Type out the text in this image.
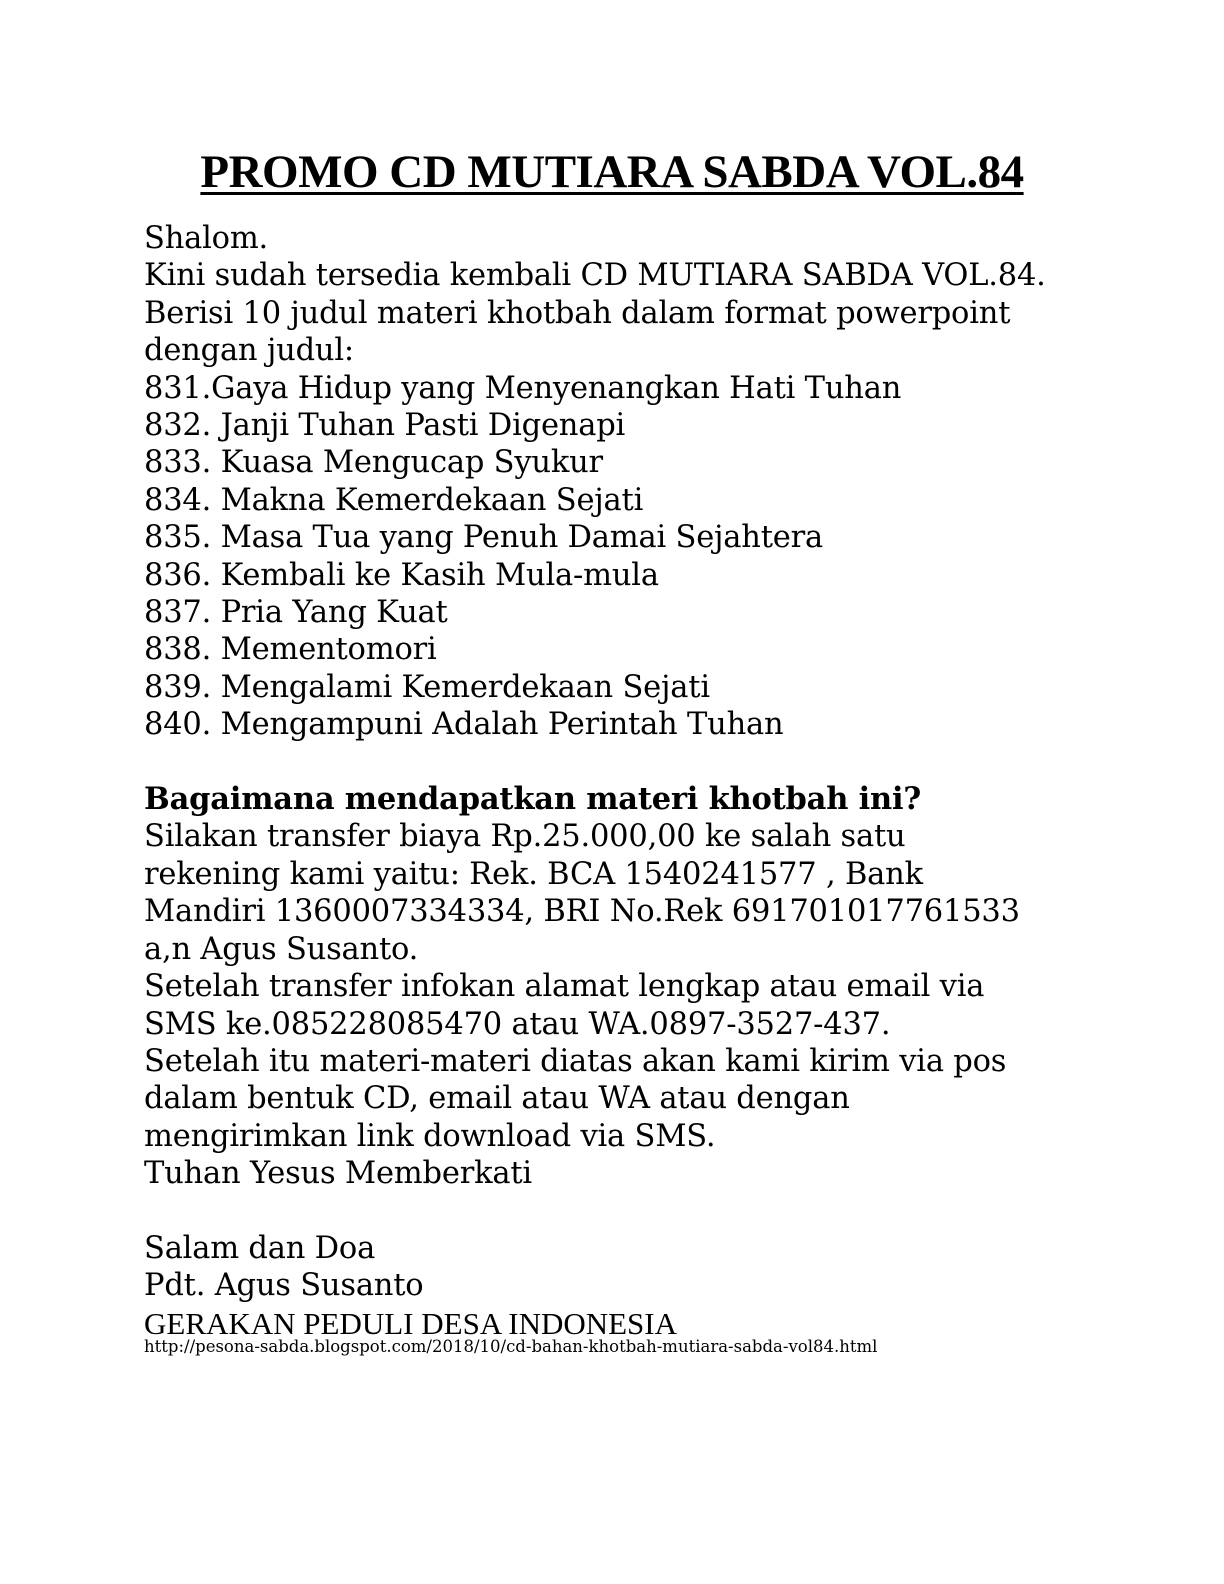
PROMO CD MUTIARA SABDA VOL.84
Shalom.
Kini sudah tersedia kembali CD MUTIARA SABDA VOL.84.
Berisi 10 judul materi khotbah dalam format powerpoint
dengan judul:
831.Gaya Hidup yang Menyenangkan Hati Tuhan
832. Janji Tuhan Pasti Digenapi
833. Kuasa Mengucap Syukur
834. Makna Kemerdekaan Sejati
835. Masa Tua yang Penuh Damai Sejahtera
836. Kembali ke Kasih Mula-mula
837. Pria Yang Kuat
838. Mementomori
839. Mengalami Kemerdekaan Sejati
840. Mengampuni Adalah Perintah Tuhan
Bagaimana mendapatkan materi khotbah ini?
Silakan transfer biaya Rp.25.000,00 ke salah satu
rekening kami yaitu: Rek. BCA 1540241577 , Bank
Mandiri 1360007334334, BRI No.Rek 691701017761533
a,n Agus Susanto.
Setelah transfer infokan alamat lengkap atau email via
SMS ke.085228085470 atau WA.0897-3527-437.
Setelah itu materi-materi diatas akan kami kirim via pos
dalam bentuk CD, email atau WA atau dengan
mengirimkan link download via SMS.
Tuhan Yesus Memberkati
Salam dan Doa
Pdt. Agus Susanto
GERAKAN PEDULI DESA INDONESIA
http://pesona-sabda.blogspot.com/2018/10/cd-bahan-khotbah-mutiara-sabda-vol84.html
